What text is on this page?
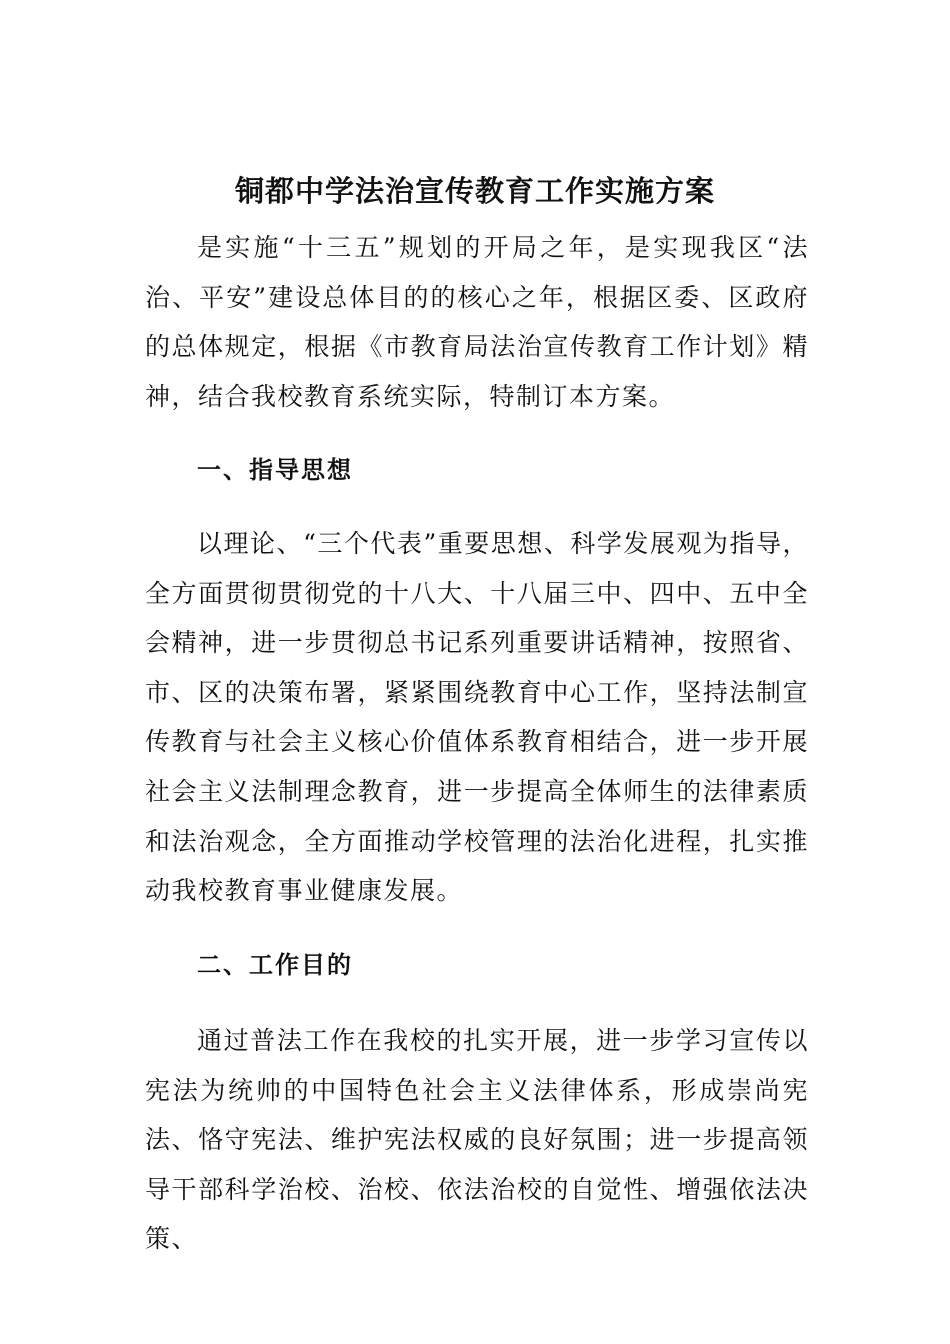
铜都中学法治宣传教育工作实施方案

是实施“十三五”规划的开局之年，是实现我区“法治、平安”建设总体目的的核心之年，根据区委、区政府的总体规定，根据《市教育局法治宣传教育工作计划》精神，结合我校教育系统实际，特制订本方案。

一、指导思想

以理论、“三个代表”重要思想、科学发展观为指导，全方面贯彻贯彻党的十八大、十八届三中、四中、五中全会精神，进一步贯彻总书记系列重要讲话精神，按照省、市、区的决策布署，紧紧围绕教育中心工作，坚持法制宣传教育与社会主义核心价值体系教育相结合，进一步开展社会主义法制理念教育，进一步提高全体师生的法律素质和法治观念，全方面推动学校管理的法治化进程，扎实推动我校教育事业健康发展。

二、工作目的

通过普法工作在我校的扎实开展，进一步学习宣传以宪法为统帅的中国特色社会主义法律体系，形成崇尚宪法、恪守宪法、维护宪法权威的良好氛围；进一步提高领导干部科学治校、治校、依法治校的自觉性、增强依法决策、
